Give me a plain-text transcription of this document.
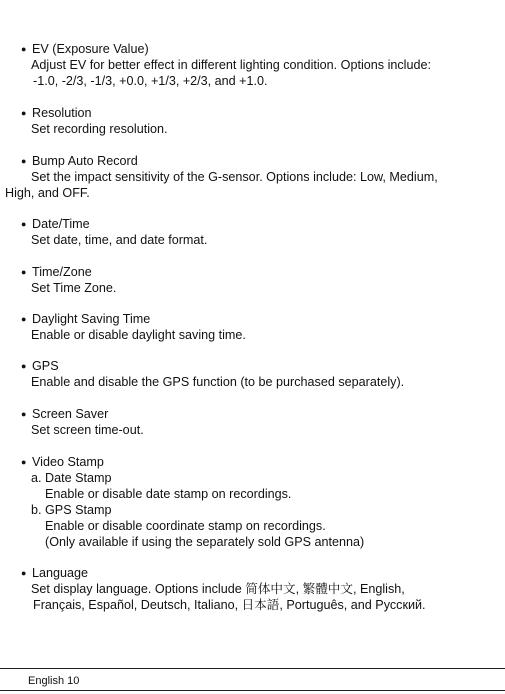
● EV (Exposure Value)
Adjust EV for better effect in different lighting condition. Options include:
-1.0, -2/3, -1/3, +0.0, +1/3, +2/3, and +1.0.
● Resolution
Set recording resolution.
● Bump Auto Record
Set the impact sensitivity of the G-sensor. Options include: Low, Medium,
High, and OFF.
● Date/Time
Set date, time, and date format.
● Time/Zone
Set Time Zone.
● Daylight Saving Time
Enable or disable daylight saving time.
● GPS
Enable and disable the GPS function (to be purchased separately).
● Screen Saver
Set screen time-out.
● Video Stamp
a. Date Stamp
Enable or disable date stamp on recordings.
b. GPS Stamp
Enable or disable coordinate stamp on recordings.
(Only available if using the separately sold GPS antenna)
● Language
Set display language. Options include 简体中文, 繁體中文, English,
Français, Español, Deutsch, Italiano, 日本語, Português, and Русский.
English 10
